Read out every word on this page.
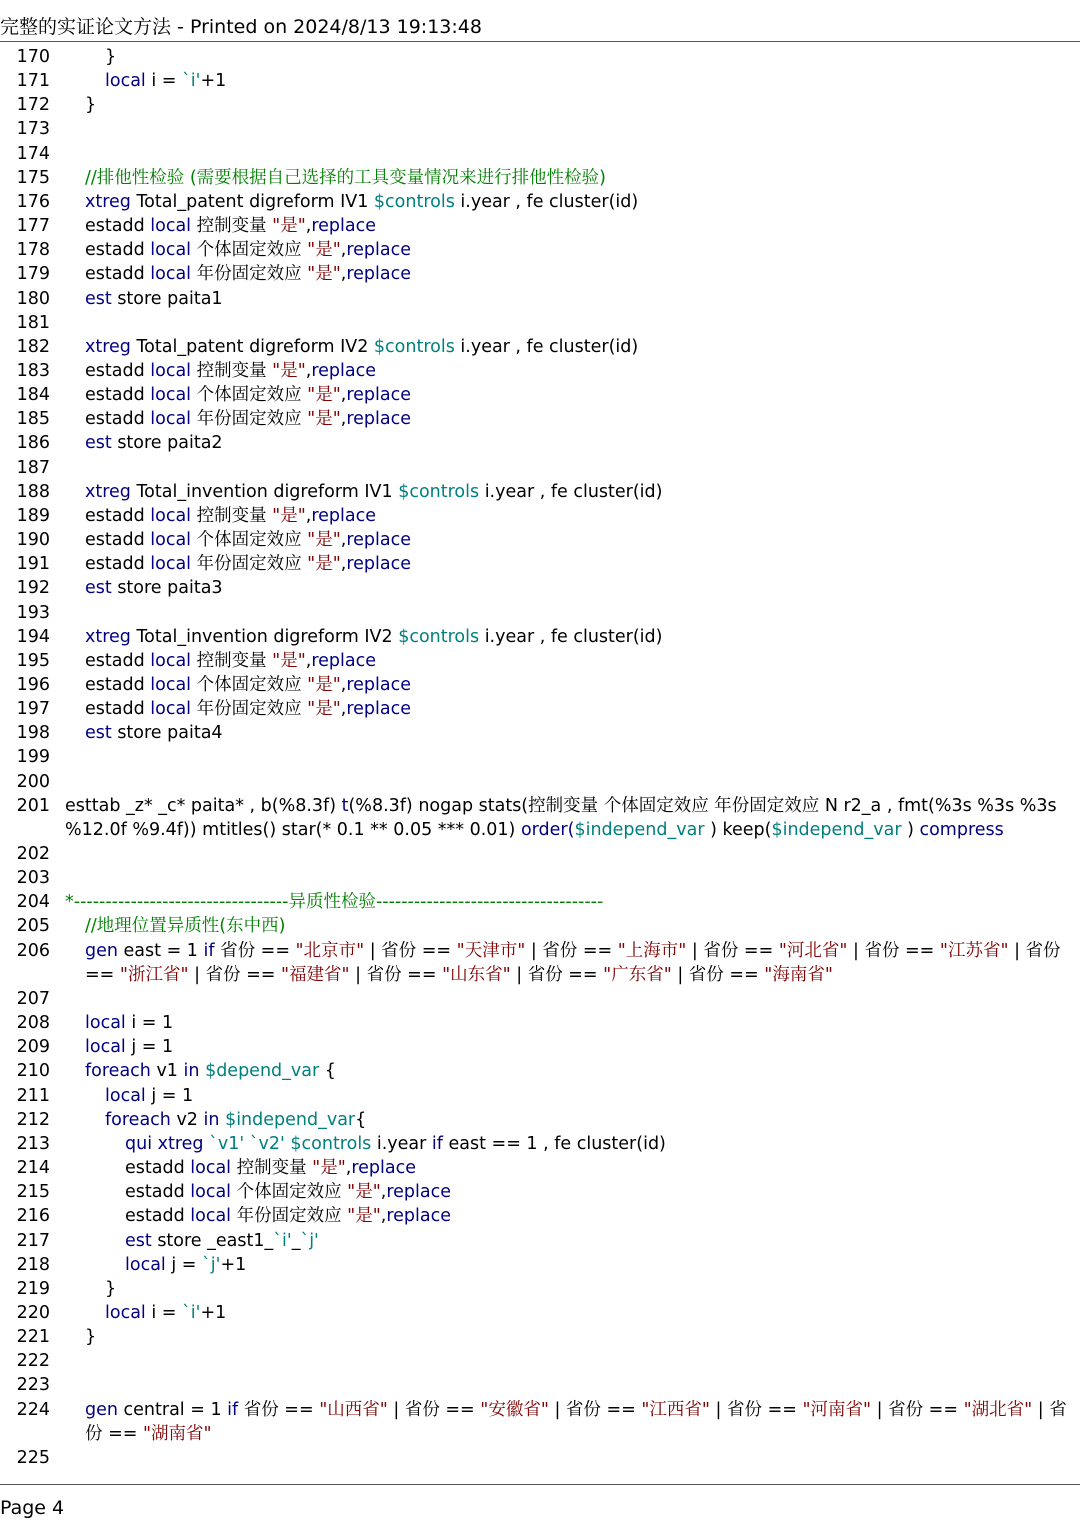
完整的实证论文方法 - Printed on 2024/8/13 19:13:48
170	}
171	local i = `i'+1
172	}
173
174
175	//排他性检验 (需要根据自己选择的工具变量情况来进行排他性检验)
176	xtreg Total_patent digreform IV1 $controls i.year , fe cluster(id)
177	estadd local 控制变量 "是",replace
178	estadd local 个体固定效应 "是",replace
179	estadd local 年份固定效应 "是",replace
180	est store paita1
181
182	xtreg Total_patent digreform IV2 $controls i.year , fe cluster(id)
183	estadd local 控制变量 "是",replace
184	estadd local 个体固定效应 "是",replace
185	estadd local 年份固定效应 "是",replace
186	est store paita2
187
188	xtreg Total_invention digreform IV1 $controls i.year , fe cluster(id)
189	estadd local 控制变量 "是",replace
190	estadd local 个体固定效应 "是",replace
191	estadd local 年份固定效应 "是",replace
192	est store paita3
193
194	xtreg Total_invention digreform IV2 $controls i.year , fe cluster(id)
195	estadd local 控制变量 "是",replace
196	estadd local 个体固定效应 "是",replace
197	estadd local 年份固定效应 "是",replace
198	est store paita4
199
200
201 esttab _z* _c* paita* , b(%8.3f) t(%8.3f) nogap stats(控制变量 个体固定效应 年份固定效应 N r2_a , fmt(%3s %3s %3s %12.0f %9.4f)) mtitles() star(* 0.1 ** 0.05 *** 0.01) order($independ_var ) keep($independ_var ) compress
202
203
204 *----------------------------------异质性检验------------------------------------
205	//地理位置异质性(东中西)
206	gen east = 1 if 省份 == "北京市" | 省份 == "天津市" | 省份 == "上海市" | 省份 == "河北省" | 省份 == "江苏省" | 省份 == "浙江省" | 省份 == "福建省" | 省份 == "山东省" | 省份 == "广东省" | 省份 == "海南省"
207
208	local i = 1
209	local j = 1
210	foreach v1 in $depend_var {
211	local j = 1
212	foreach v2 in $independ_var{
213	qui xtreg `v1' `v2' $controls i.year if east == 1 , fe cluster(id)
214	estadd local 控制变量 "是",replace
215	estadd local 个体固定效应 "是",replace
216	estadd local 年份固定效应 "是",replace
217	est store _east1_`i'_`j'
218	local j = `j'+1
219	}
220	local i = `i'+1
221	}
222
223
224	gen central = 1 if 省份 == "山西省" | 省份 == "安徽省" | 省份 == "江西省" | 省份 == "河南省" | 省份 == "湖北省" | 省份 == "湖南省"
225
Page 4
